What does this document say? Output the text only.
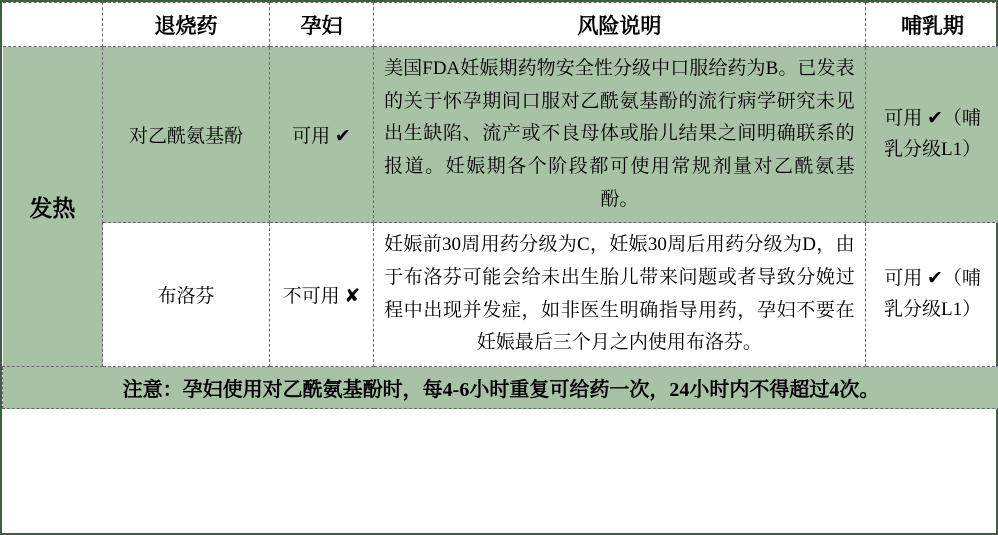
	退烧药	孕妇	风险说明	哺乳期
发热	对乙酰氨基酚	可用 ✔	美国FDA妊娠期药物安全性分级中口服给药为B。已发表的关于怀孕期间口服对乙酰氨基酚的流行病学研究未见出生缺陷、流产或不良母体或胎儿结果之间明确联系的报道。妊娠期各个阶段都可使用常规剂量对乙酰氨基酚。	可用 ✔（哺乳分级L1）
	布洛芬	不可用 ✘	妊娠前30周用药分级为C，妊娠30周后用药分级为D，由于布洛芬可能会给未出生胎儿带来问题或者导致分娩过程中出现并发症，如非医生明确指导用药，孕妇不要在妊娠最后三个月之内使用布洛芬。	可用 ✔（哺乳分级L1）
注意：孕妇使用对乙酰氨基酚时，每4-6小时重复可给药一次，24小时内不得超过4次。				
